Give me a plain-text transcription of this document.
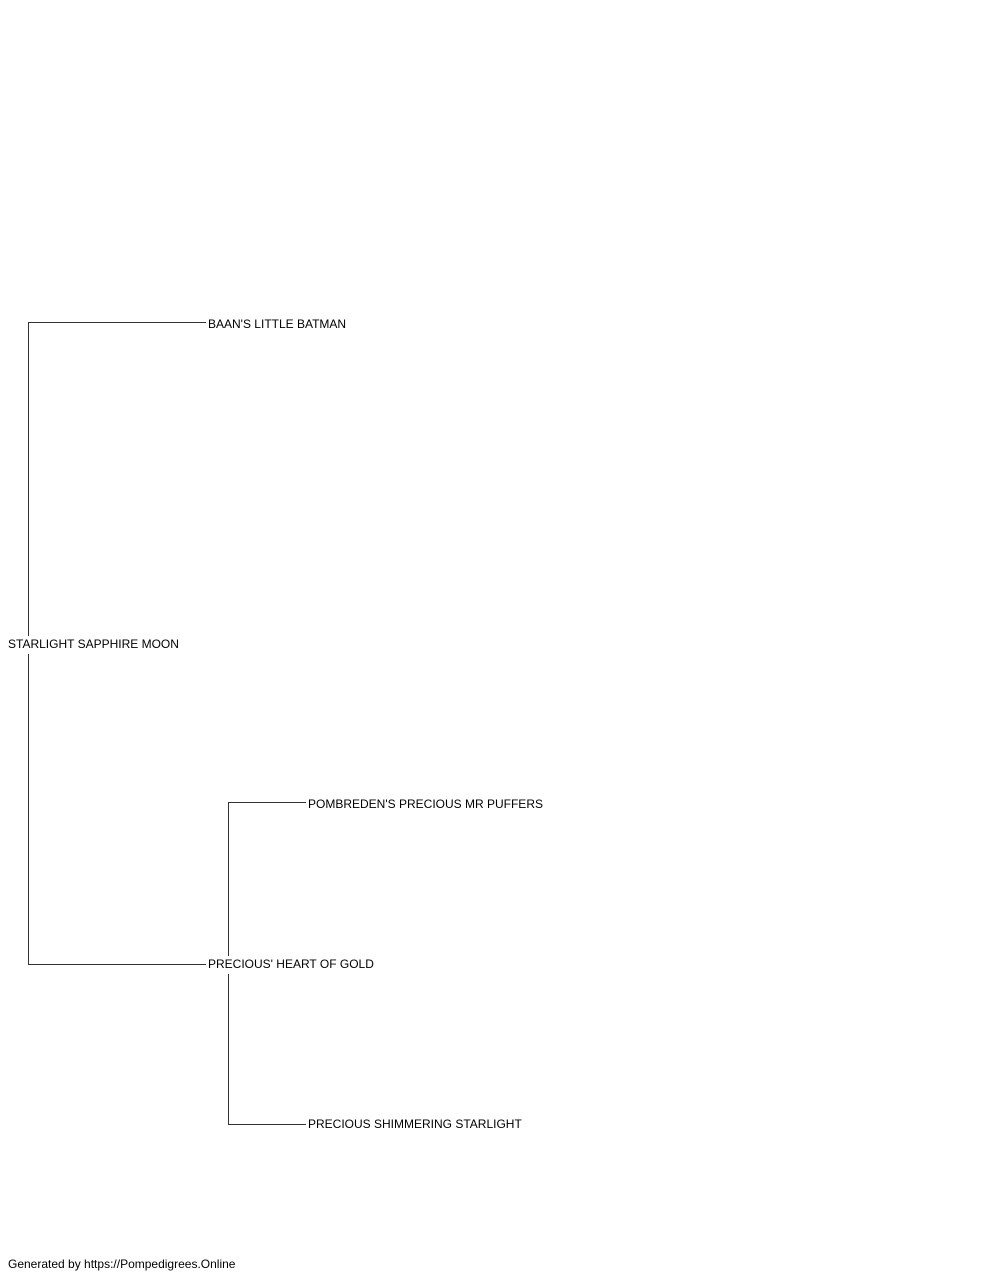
BAAN'S LITTLE BATMAN
STARLIGHT SAPPHIRE MOON
POMBREDEN'S PRECIOUS MR PUFFERS
PRECIOUS' HEART OF GOLD
PRECIOUS SHIMMERING STARLIGHT
Generated by https://Pompedigrees.Online
